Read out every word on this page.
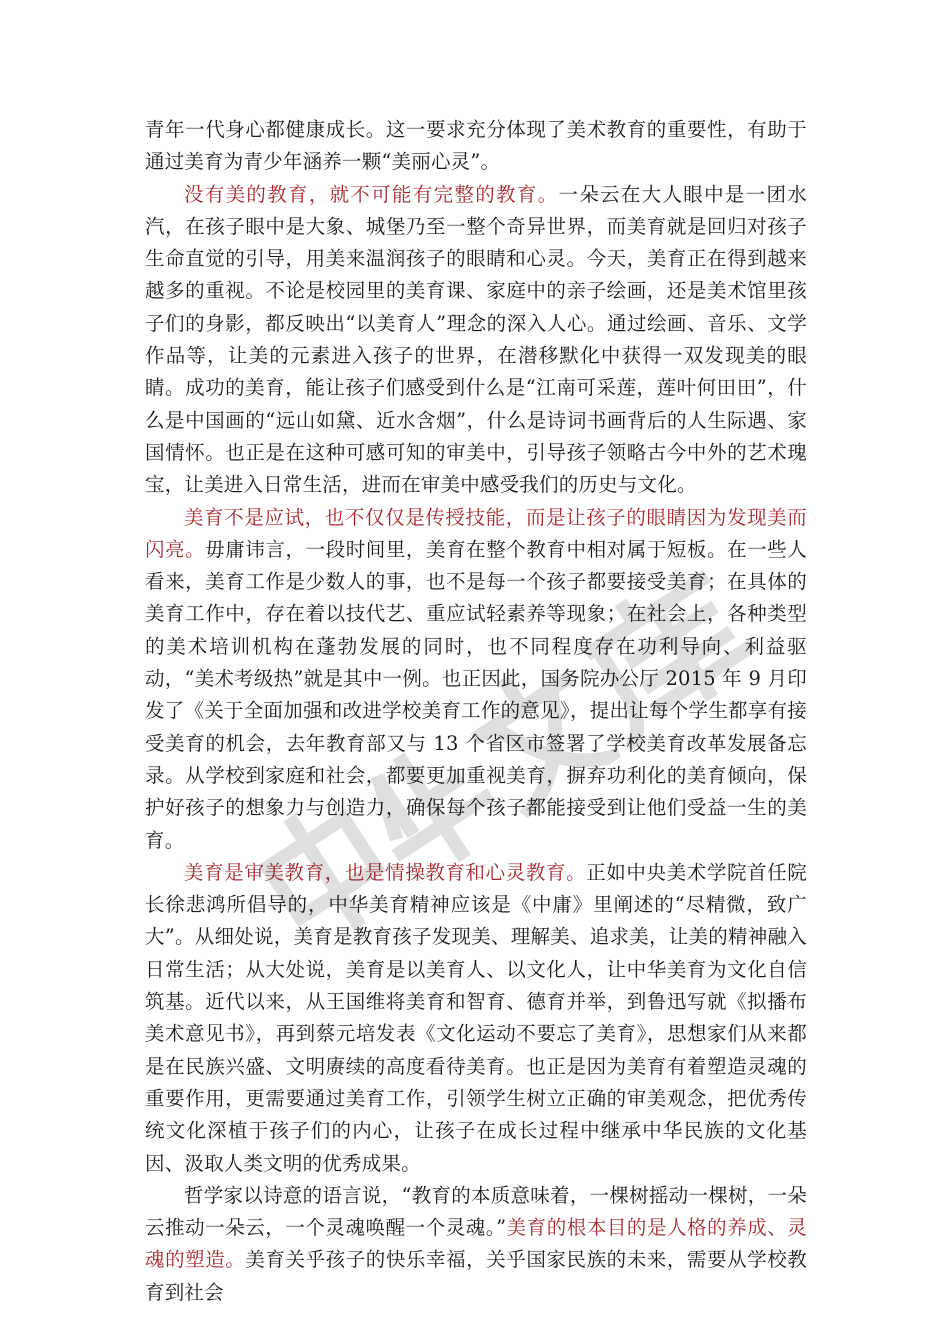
青年一代身心都健康成长。这一要求充分体现了美术教育的重要性，有助于通过美育为青少年涵养一颗“美丽心灵”。

没有美的教育，就不可能有完整的教育。一朵云在大人眼中是一团水汽，在孩子眼中是大象、城堡乃至一整个奇异世界，而美育就是回归对孩子生命直觉的引导，用美来温润孩子的眼睛和心灵。今天，美育正在得到越来越多的重视。不论是校园里的美育课、家庭中的亲子绘画，还是美术馆里孩子们的身影，都反映出“以美育人”理念的深入人心。通过绘画、音乐、文学作品等，让美的元素进入孩子的世界，在潜移默化中获得一双发现美的眼睛。成功的美育，能让孩子们感受到什么是“江南可采莲，莲叶何田田”，什么是中国画的“远山如黛、近水含烟”，什么是诗词书画背后的人生际遇、家国情怀。也正是在这种可感可知的审美中，引导孩子领略古今中外的艺术瑰宝，让美进入日常生活，进而在审美中感受我们的历史与文化。

美育不是应试，也不仅仅是传授技能，而是让孩子的眼睛因为发现美而闪亮。毋庸讳言，一段时间里，美育在整个教育中相对属于短板。在一些人看来，美育工作是少数人的事，也不是每一个孩子都要接受美育；在具体的美育工作中，存在着以技代艺、重应试轻素养等现象；在社会上，各种类型的美术培训机构在蓬勃发展的同时，也不同程度存在功利导向、利益驱动，“美术考级热”就是其中一例。也正因此，国务院办公厅 2015 年 9 月印发了《关于全面加强和改进学校美育工作的意见》，提出让每个学生都享有接受美育的机会，去年教育部又与 13 个省区市签署了学校美育改革发展备忘录。从学校到家庭和社会，都要更加重视美育，摒弃功利化的美育倾向，保护好孩子的想象力与创造力，确保每个孩子都能接受到让他们受益一生的美育。

美育是审美教育，也是情操教育和心灵教育。正如中央美术学院首任院长徐悲鸿所倡导的，中华美育精神应该是《中庸》里阐述的“尽精微，致广大”。从细处说，美育是教育孩子发现美、理解美、追求美，让美的精神融入日常生活；从大处说，美育是以美育人、以文化人，让中华美育为文化自信筑基。近代以来，从王国维将美育和智育、德育并举，到鲁迅写就《拟播布美术意见书》，再到蔡元培发表《文化运动不要忘了美育》，思想家们从来都是在民族兴盛、文明赓续的高度看待美育。也正是因为美育有着塑造灵魂的重要作用，更需要通过美育工作，引领学生树立正确的审美观念，把优秀传统文化深植于孩子们的内心，让孩子在成长过程中继承中华民族的文化基因、汲取人类文明的优秀成果。

哲学家以诗意的语言说，“教育的本质意味着，一棵树摇动一棵树，一朵云推动一朵云，一个灵魂唤醒一个灵魂。”美育的根本目的是人格的养成、灵魂的塑造。美育关乎孩子的快乐幸福，关乎国家民族的未来，需要从学校教育到社会
